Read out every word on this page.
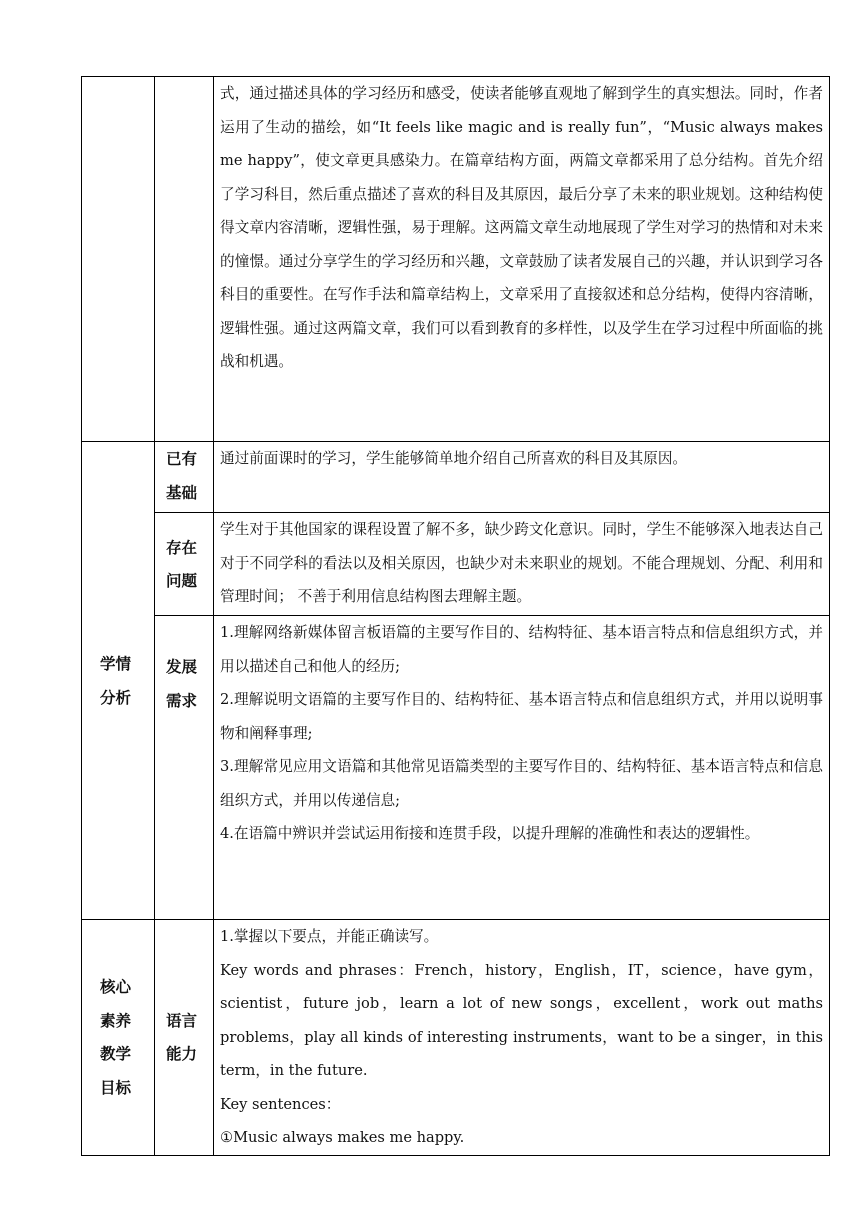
		式，通过描述具体的学习经历和感受，使读者能够直观地了解到学生的真实想法。同时，作者运用了生动的描绘，如“It feels like magic and is really fun”，“Music always makes me happy”，使文章更具感染力。在篇章结构方面，两篇文章都采用了总分结构。首先介绍了学习科目，然后重点描述了喜欢的科目及其原因，最后分享了未来的职业规划。这种结构使得文章内容清晰，逻辑性强，易于理解。这两篇文章生动地展现了学生对学习的热情和对未来的憧憬。通过分享学生的学习经历和兴趣，文章鼓励了读者发展自己的兴趣，并认识到学习各科目的重要性。在写作手法和篇章结构上，文章采用了直接叙述和总分结构，使得内容清晰，逻辑性强。通过这两篇文章，我们可以看到教育的多样性，以及学生在学习过程中所面临的挑战和机遇。

学情分析	已有基础	通过前面课时的学习，学生能够简单地介绍自己所喜欢的科目及其原因。

	存在问题	学生对于其他国家的课程设置了解不多，缺少跨文化意识。同时，学生不能够深入地表达自己对于不同学科的看法以及相关原因，也缺少对未来职业的规划。不能合理规划、分配、利用和管理时间； 不善于利用信息结构图去理解主题。

	发展需求	1.理解网络新媒体留言板语篇的主要写作目的、结构特征、基本语言特点和信息组织方式，并用以描述自己和他人的经历;

2.理解说明文语篇的主要写作目的、结构特征、基本语言特点和信息组织方式，并用以说明事物和阐释事理;

3.理解常见应用文语篇和其他常见语篇类型的主要写作目的、结构特征、基本语言特点和信息组织方式，并用以传递信息;

4.在语篇中辨识并尝试运用衔接和连贯手段，以提升理解的准确性和表达的逻辑性。

核心素养教学目标	语言能力	1.掌握以下要点，并能正确读写。

Key words and phrases：French，history，English，IT，science，have gym，scientist，future job，learn a lot of new songs，excellent，work out maths problems，play all kinds of interesting instruments，want to be a singer，in this term，in the future.

Key sentences：

①Music always makes me happy.
